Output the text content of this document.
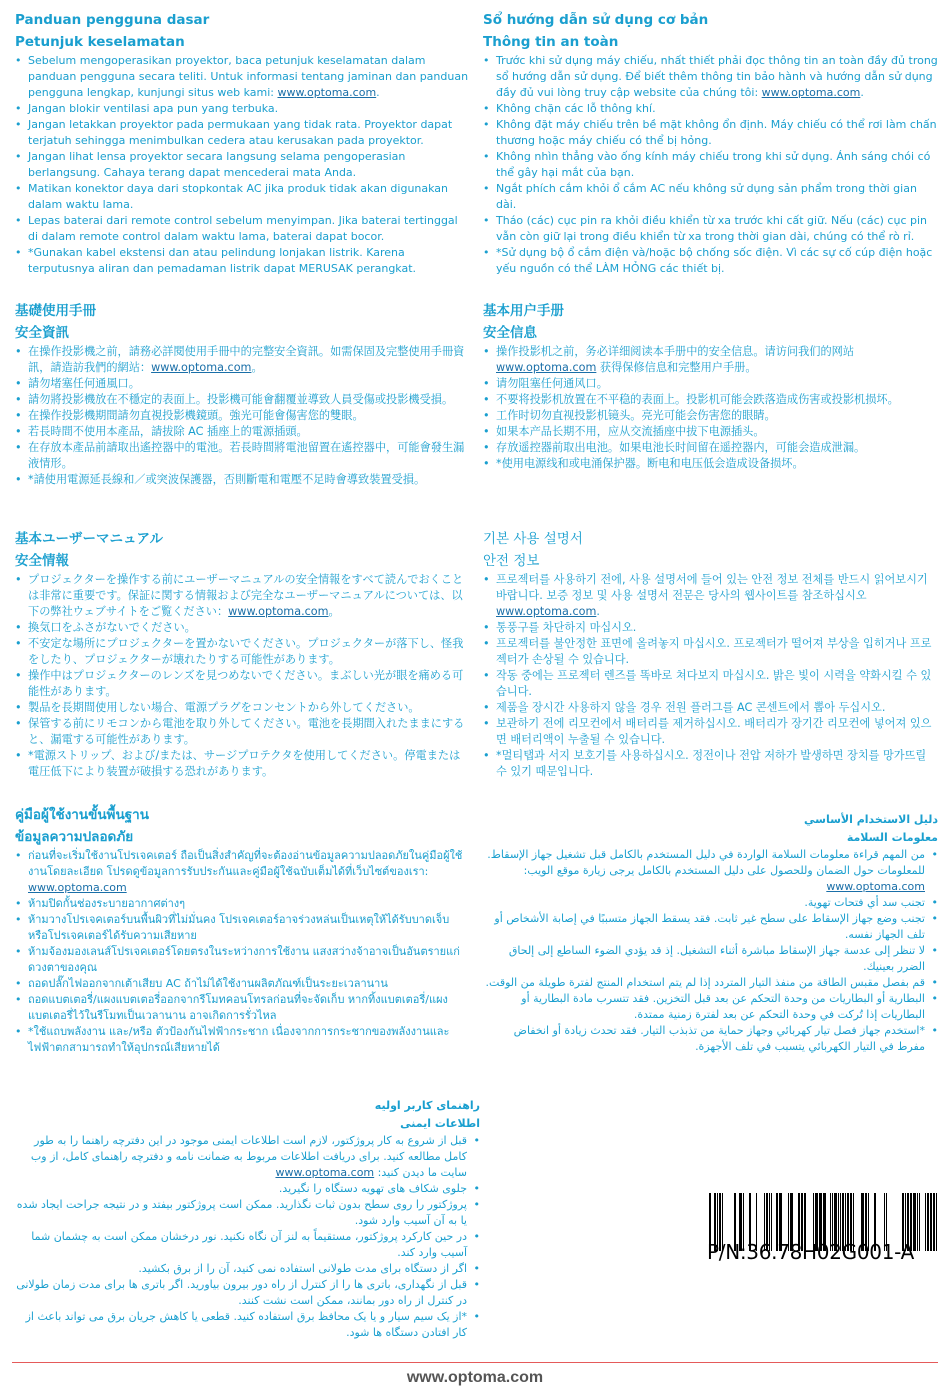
Panduan pengguna dasar
Petunjuk keselamatan
• Sebelum mengoperasikan proyektor, baca petunjuk keselamatan dalam panduan pengguna secara teliti. Untuk informasi tentang jaminan dan panduan pengguna lengkap, kunjungi situs web kami: www.optoma.com.
• Jangan blokir ventilasi apa pun yang terbuka.
• Jangan letakkan proyektor pada permukaan yang tidak rata. Proyektor dapat terjatuh sehingga menimbulkan cedera atau kerusakan pada proyektor.
• Jangan lihat lensa proyektor secara langsung selama pengoperasian berlangsung. Cahaya terang dapat mencederai mata Anda.
• Matikan konektor daya dari stopkontak AC jika produk tidak akan digunakan dalam waktu lama.
• Lepas baterai dari remote control sebelum menyimpan. Jika baterai tertinggal di dalam remote control dalam waktu lama, baterai dapat bocor.
• *Gunakan kabel ekstensi dan atau pelindung lonjakan listrik. Karena terputusnya aliran dan pemadaman listrik dapat MERUSAK perangkat.
Sổ hướng dẫn sử dụng cơ bản
Thông tin an toàn
• Trước khi sử dụng máy chiếu, nhất thiết phải đọc thông tin an toàn đầy đủ trong sổ hướng dẫn sử dụng. Để biết thêm thông tin bảo hành và hướng dẫn sử dụng đầy đủ vui lòng truy cập website của chúng tôi: www.optoma.com.
• Không chặn các lỗ thông khí.
• Không đặt máy chiếu trên bề mặt không ổn định. Máy chiếu có thể rơi làm chấn thương hoặc máy chiếu có thể bị hỏng.
• Không nhìn thẳng vào ống kính máy chiếu trong khi sử dụng. Ánh sáng chói có thể gây hại mắt của bạn.
• Ngắt phích cắm khỏi ổ cắm AC nếu không sử dụng sản phẩm trong thời gian dài.
• Tháo (các) cục pin ra khỏi điều khiển từ xa trước khi cất giữ. Nếu (các) cục pin vẫn còn giữ lại trong điều khiển từ xa trong thời gian dài, chúng có thể rò rỉ.
• *Sử dụng bộ ổ cắm điện và/hoặc bộ chống sốc điện. Vì các sự cố cúp điện hoặc yếu nguồn có thể LÀM HỎNG các thiết bị.
基礎使用手冊
安全資訊
• 在操作投影機之前，請務必詳閱使用手冊中的完整安全資訊。如需保固及完整使用手冊資訊，請造訪我們的網站：www.optoma.com。
• 請勿堵塞任何通風口。
• 請勿將投影機放在不穩定的表面上。投影機可能會翻覆並導致人員受傷或投影機受損。
• 在操作投影機期間請勿直視投影機鏡頭。強光可能會傷害您的雙眼。
• 若長時間不使用本產品，請拔除 AC 插座上的電源插頭。
• 在存放本產品前請取出遙控器中的電池。若長時間將電池留置在遙控器中，可能會發生漏液情形。
• *請使用電源延長線和／或突波保護器，否則斷電和電壓不足時會導致裝置受損。
基本用户手册
安全信息
• 操作投影机之前，务必详细阅读本手册中的安全信息。请访问我们的网站 www.optoma.com 获得保修信息和完整用户手册。
• 请勿阻塞任何通风口。
• 不要将投影机放置在不平稳的表面上。投影机可能会跌落造成伤害或投影机损坏。
• 工作时切勿直视投影机镜头。亮光可能会伤害您的眼睛。
• 如果本产品长期不用，应从交流插座中拔下电源插头。
• 存放遥控器前取出电池。如果电池长时间留在遥控器内，可能会造成泄漏。
• *使用电源线和或电涌保护器。断电和电压低会造成设备损坏。
基本ユーザーマニュアル
安全情報
• プロジェクターを操作する前にユーザーマニュアルの安全情報をすべて読んでおくことは非常に重要です。保証に関する情報および完全なユーザーマニュアルについては、以下の弊社ウェブサイトをご覧ください：www.optoma.com。
• 換気口をふさがないでください。
• 不安定な場所にプロジェクターを置かないでください。プロジェクターが落下し、怪我をしたり、プロジェクターが壊れたりする可能性があります。
• 操作中はプロジェクターのレンズを見つめないでください。まぶしい光が眼を痛める可能性があります。
• 製品を長期間使用しない場合、電源プラグをコンセントから外してください。
• 保管する前にリモコンから電池を取り外してください。電池を長期間入れたままにすると、漏電する可能性があります。
• *電源ストリップ、および/または、サージプロテクタを使用してください。停電または電圧低下により装置が破損する恐れがあります。
기본 사용 설명서
안전 정보
• 프로젝터를 사용하기 전에, 사용 설명서에 들어 있는 안전 정보 전체를 반드시 읽어보시기 바랍니다. 보증 정보 및 사용 설명서 전문은 당사의 웹사이트를 참조하십시오 www.optoma.com.
• 통풍구를 차단하지 마십시오.
• 프로젝터를 불안정한 표면에 올려놓지 마십시오. 프로젝터가 떨어져 부상을 입히거나 프로젝터가 손상될 수 있습니다.
• 작동 중에는 프로젝터 렌즈를 똑바로 쳐다보지 마십시오. 밝은 빛이 시력을 약화시킬 수 있습니다.
• 제품을 장시간 사용하지 않을 경우 전원 플러그를 AC 콘센트에서 뽑아 두십시오.
• 보관하기 전에 리모컨에서 배터리를 제거하십시오. 배터리가 장기간 리모컨에 넣어져 있으면 배터리액이 누출될 수 있습니다.
• *멀티탭과 서지 보호기를 사용하십시오. 정전이나 전압 저하가 발생하면 장치를 망가뜨릴 수 있기 때문입니다.
คู่มือผู้ใช้งานขั้นพื้นฐาน
ข้อมูลความปลอดภัย
• ก่อนที่จะเริ่มใช้งานโปรเจคเตอร์ ถือเป็นสิ่งสำคัญที่จะต้องอ่านข้อมูลความปลอดภัยในคู่มือผู้ใช้งานโดยละเอียด โปรดดูข้อมูลการรับประกันและคู่มือผู้ใช้ฉบับเต็มได้ที่เว็บไซต์ของเรา: www.optoma.com
• ห้ามปิดกั้นช่องระบายอากาศต่างๆ
• ห้ามวางโปรเจคเตอร์บนพื้นผิวที่ไม่มั่นคง โปรเจคเตอร์อาจร่วงหล่นเป็นเหตุให้ได้รับบาดเจ็บ หรือโปรเจคเตอร์ได้รับความเสียหาย
• ห้ามจ้องมองเลนส์โปรเจคเตอร์โดยตรงในระหว่างการใช้งาน แสงสว่างจ้าอาจเป็นอันตรายแก่ดวงตาของคุณ
• ถอดปลั๊กไฟออกจากเต้าเสียบ AC ถ้าไม่ได้ใช้งานผลิตภัณฑ์เป็นระยะเวลานาน
• ถอดแบตเตอรี่/แผงแบตเตอรี่ออกจากรีโมทคอนโทรลก่อนที่จะจัดเก็บ หากทิ้งแบตเตอรี่/แผงแบตเตอรี่ไว้ในรีโมทเป็นเวลานาน อาจเกิดการรั่วไหล
• *ใช้แถบพลังงาน และ/หรือ ตัวป้องกันไฟฟ้ากระชาก เนื่องจากการกระชากของพลังงานและไฟฟ้าตกสามารถทำให้อุปกรณ์เสียหายได้
دليل الاستخدام الأساسي
معلومات السلامة
• من المهم قراءة معلومات السلامة الواردة في دليل المستخدم بالكامل قبل تشغيل جهاز الإسقاط. للمعلومات حول الضمان وللحصول على دليل المستخدم بالكامل يرجى زيارة موقع الويب: www.optoma.com
• تجنب سد أي فتحات تهوية.
• تجنب وضع جهاز الإسقاط على سطح غير ثابت. فقد يسقط الجهاز متسببًا في إصابة الأشخاص أو تلف الجهاز نفسه.
• لا تنظر إلى عدسة جهاز الإسقاط مباشرة أثناء التشغيل. إذ قد يؤدي الضوء الساطع إلى إلحاق الضرر بعينيك.
• قم بفصل مقبس الطاقة من منفذ التيار المتردد إذا لم يتم استخدام المنتج لفترة طويلة من الوقت.
• البطارية أو البطاريات من وحدة التحكم عن بعد قبل التخزين. فقد تتسرب مادة البطارية أو البطاريات إذا تُركت في وحدة التحكم عن بعد لفترة زمنية ممتدة.
• *استخدم جهاز فصل تيار كهربائي وجهاز حماية من تذبذب التيار. فقد تحدث زيادة أو انخفاض مفرط في التيار الكهربائي يتسبب في تلف الأجهزة.
راهنمای کاربر اولیه
اطلاعات ایمنی
• قبل از شروع به کار پروژکتور، لازم است اطلاعات ایمنی موجود در این دفترچه راهنما را به طور کامل مطالعه کنید. برای دریافت اطلاعات مربوط به ضمانت نامه و دفترچه راهنمای کامل، از وب سایت ما دیدن کنید: www.optoma.com
• جلوی شکاف های تهویه دستگاه را نگیرید.
• پروژکتور را روی سطح بدون ثبات نگذارید. ممکن است پروژکتور بیفتد و در نتیجه جراحت ایجاد شده یا به آن آسیب وارد شود.
• در حین کارکرد پروژکتور، مستقیماً به لنز آن نگاه نکنید. نور درخشان ممکن است به چشمان شما آسیب وارد کند.
• اگر از دستگاه برای مدت طولانی استفاده نمی کنید، آن را از برق بکشید.
• قبل از نگهداری، باتری ها را از کنترل از راه دور بیرون بیاورید. اگر باتری ها برای مدت زمان طولانی در کنترل از راه دور بمانند، ممکن است نشت کنند.
• *از یک سیم سیار و یا یک محافظ برق استفاده کنید. قطعی یا کاهش جریان برق می تواند باعث از کار افتادن دستگاه ها شود.
P/N:36.78H02G001-A
www.optoma.com
